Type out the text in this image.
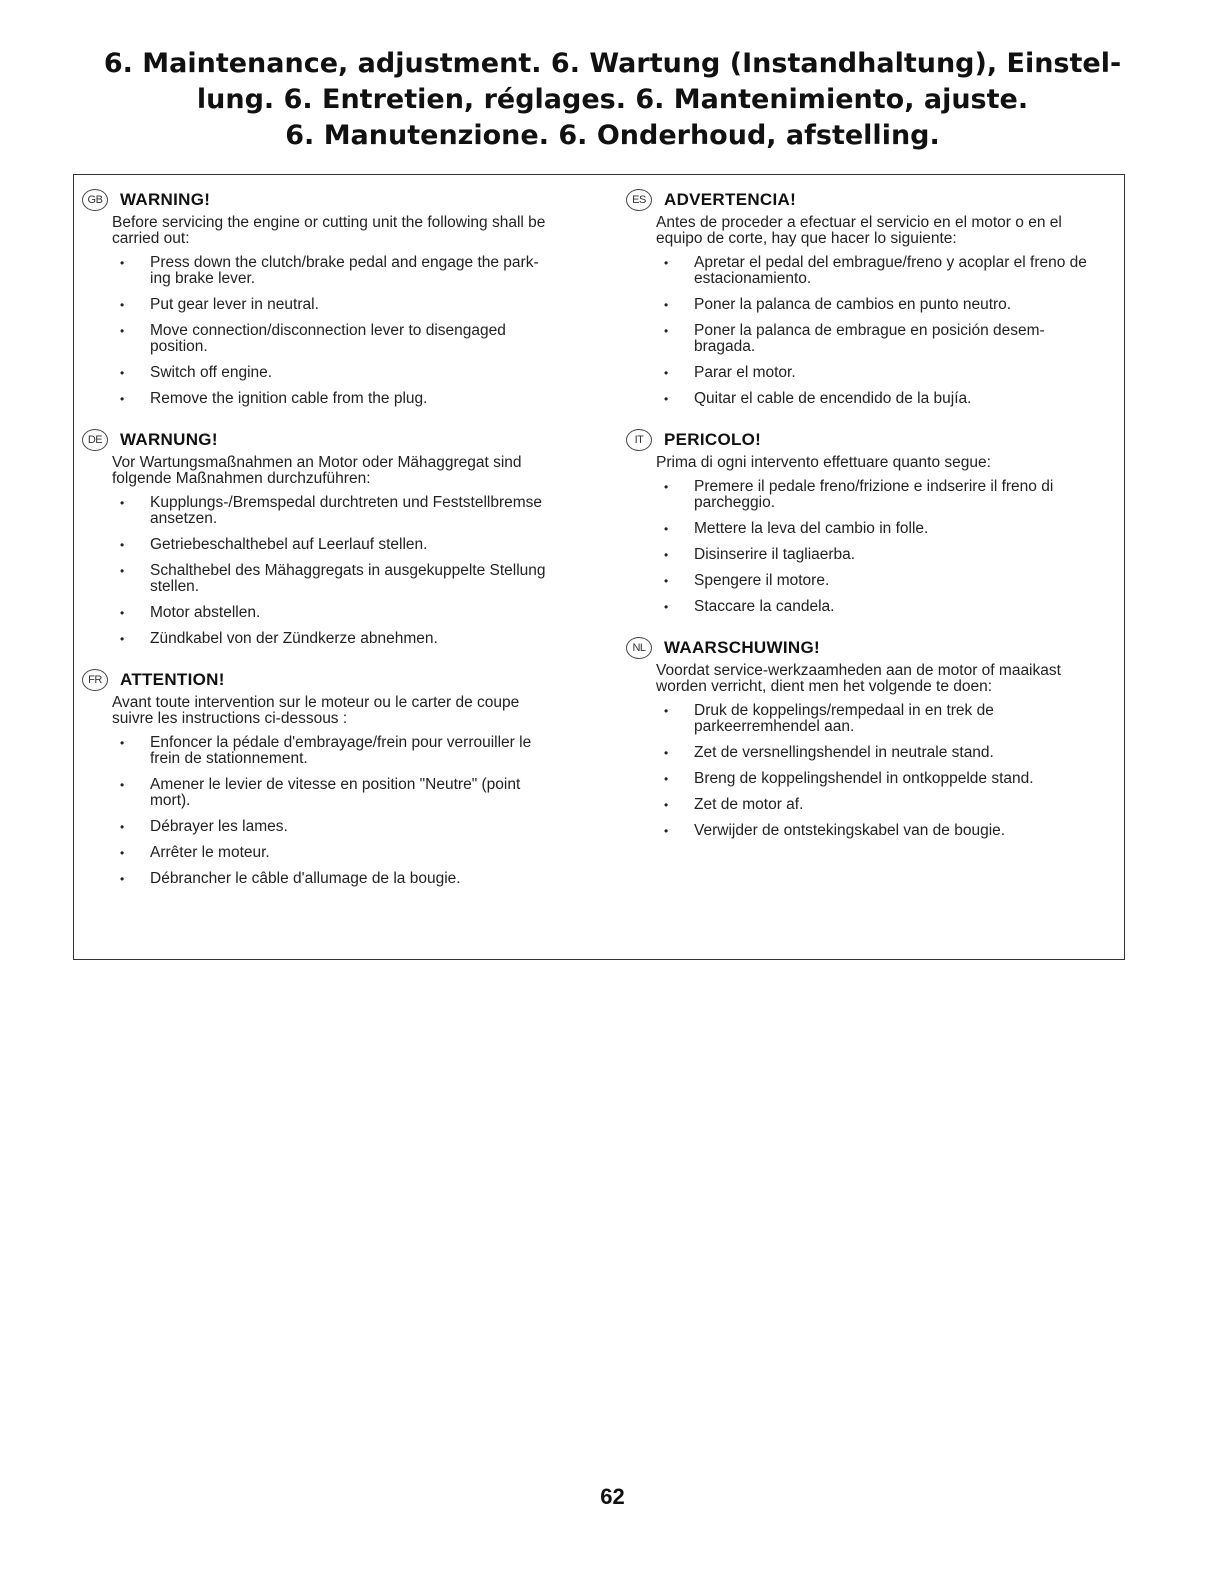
6. Maintenance, adjustment. 6. Wartung (Instandhaltung), Einstel-
lung. 6. Entretien, réglages. 6. Mantenimiento, ajuste.
6. Manutenzione. 6. Onderhoud, afstelling.
GB	WARNING!

Before servicing the engine or cutting unit the following shall be carried out:

• Press down the clutch/brake pedal and engage the park-ing brake lever.
• Put gear lever in neutral.
• Move connection/disconnection lever to disengaged position.
• Switch off engine.
• Remove the ignition cable from the plug.
DE	WARNUNG!

Vor Wartungsmaßnahmen an Motor oder Mähaggregat sind folgende Maßnahmen durchzuführen:

• Kupplungs-/Bremspedal durchtreten und Feststellbremse ansetzen.
• Getriebeschalthebel auf Leerlauf stellen.
• Schalthebel des Mähaggregats in ausgekuppelte Stellung stellen.
• Motor abstellen.
• Zündkabel von der Zündkerze abnehmen.
FR	ATTENTION!

Avant toute intervention sur le moteur ou le carter de coupe suivre les instructions ci-dessous :

• Enfoncer la pédale d'embrayage/frein pour verrouiller le frein de stationnement.
• Amener le levier de vitesse en position "Neutre" (point mort).
• Débrayer les lames.
• Arrêter le moteur.
• Débrancher le câble d'allumage de la bougie.
ES	ADVERTENCIA!

Antes de proceder a efectuar el servicio en el motor o en el equipo de corte, hay que hacer lo siguiente:

• Apretar el pedal del embrague/freno y acoplar el freno de estacionamiento.
• Poner la palanca de cambios en punto neutro.
• Poner la palanca de embrague en posición desem-bragada.
• Parar el motor.
• Quitar el cable de encendido de la bujía.
IT	PERICOLO!

Prima di ogni intervento effettuare quanto segue:

• Premere il pedale freno/frizione e indserire il freno di parcheggio.
• Mettere la leva del cambio in folle.
• Disinserire il tagliaerba.
• Spengere il motore.
• Staccare la candela.
NL	WAARSCHUWING!

Voordat service-werkzaamheden aan de motor of maaikast worden verricht, dient men het volgende te doen:

• Druk de koppelings/rempedaal in en trek de parkeerremhendel aan.
• Zet de versnellingshendel in neutrale stand.
• Breng de koppelingshendel in ontkoppelde stand.
• Zet de motor af.
• Verwijder de ontstekingskabel van de bougie.
62
